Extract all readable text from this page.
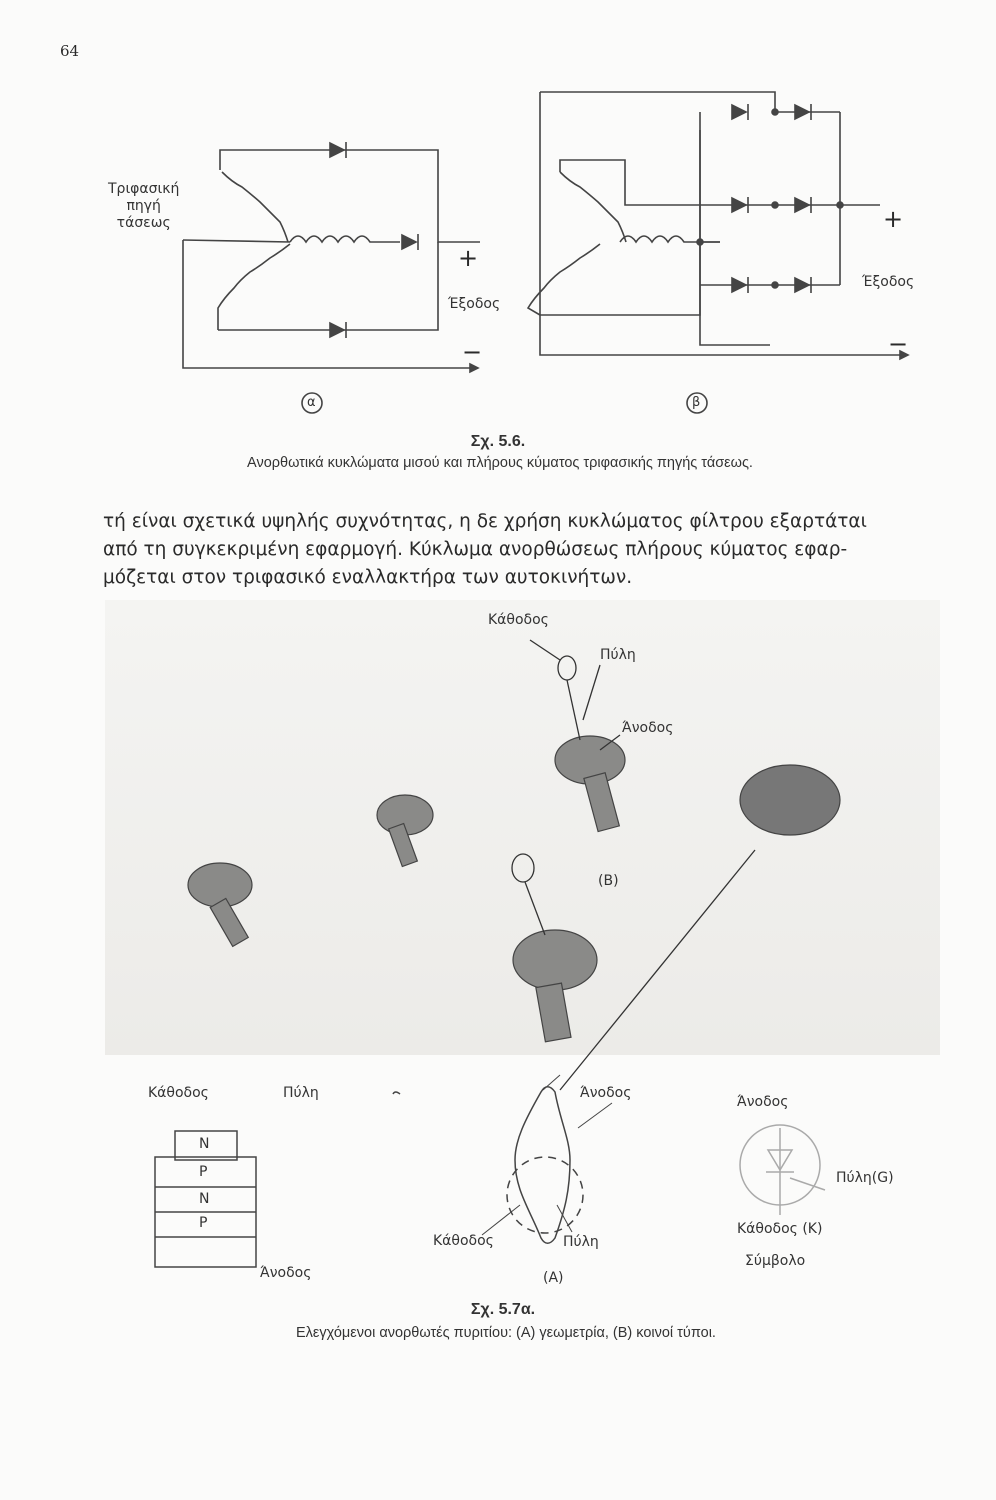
64
Τριφασική
πηγή
τάσεως
+
Έξοδος
−
α
+
Έξοδος
−
β
Σχ. 5.6.
Ανορθωτικά κυκλώματα μισού και πλήρους κύματος τριφασικής πηγής τάσεως.
τή είναι σχετικά υψηλής συχνότητας, η δε χρήση κυκλώματος φίλτρου εξαρτάται
από τη συγκεκριμένη εφαρμογή. Κύκλωμα ανορθώσεως πλήρους κύματος εφαρ-
μόζεται στον τριφασικό εναλλακτήρα των αυτοκινήτων.
Κάθοδος
Πύλη
Άνοδος
(B)
Κάθοδος	Πύλη
N
P
N
P
Άνοδος
Άνοδος
Κάθοδος	Πύλη
(Α)
Άνοδος
Πύλη(G)
Κάθοδος (K)
Σύμβολο
Σχ. 5.7α.
Ελεγχόμενοι ανορθωτές πυριτίου: (Α) γεωμετρία, (Β) κοινοί τύποι.
